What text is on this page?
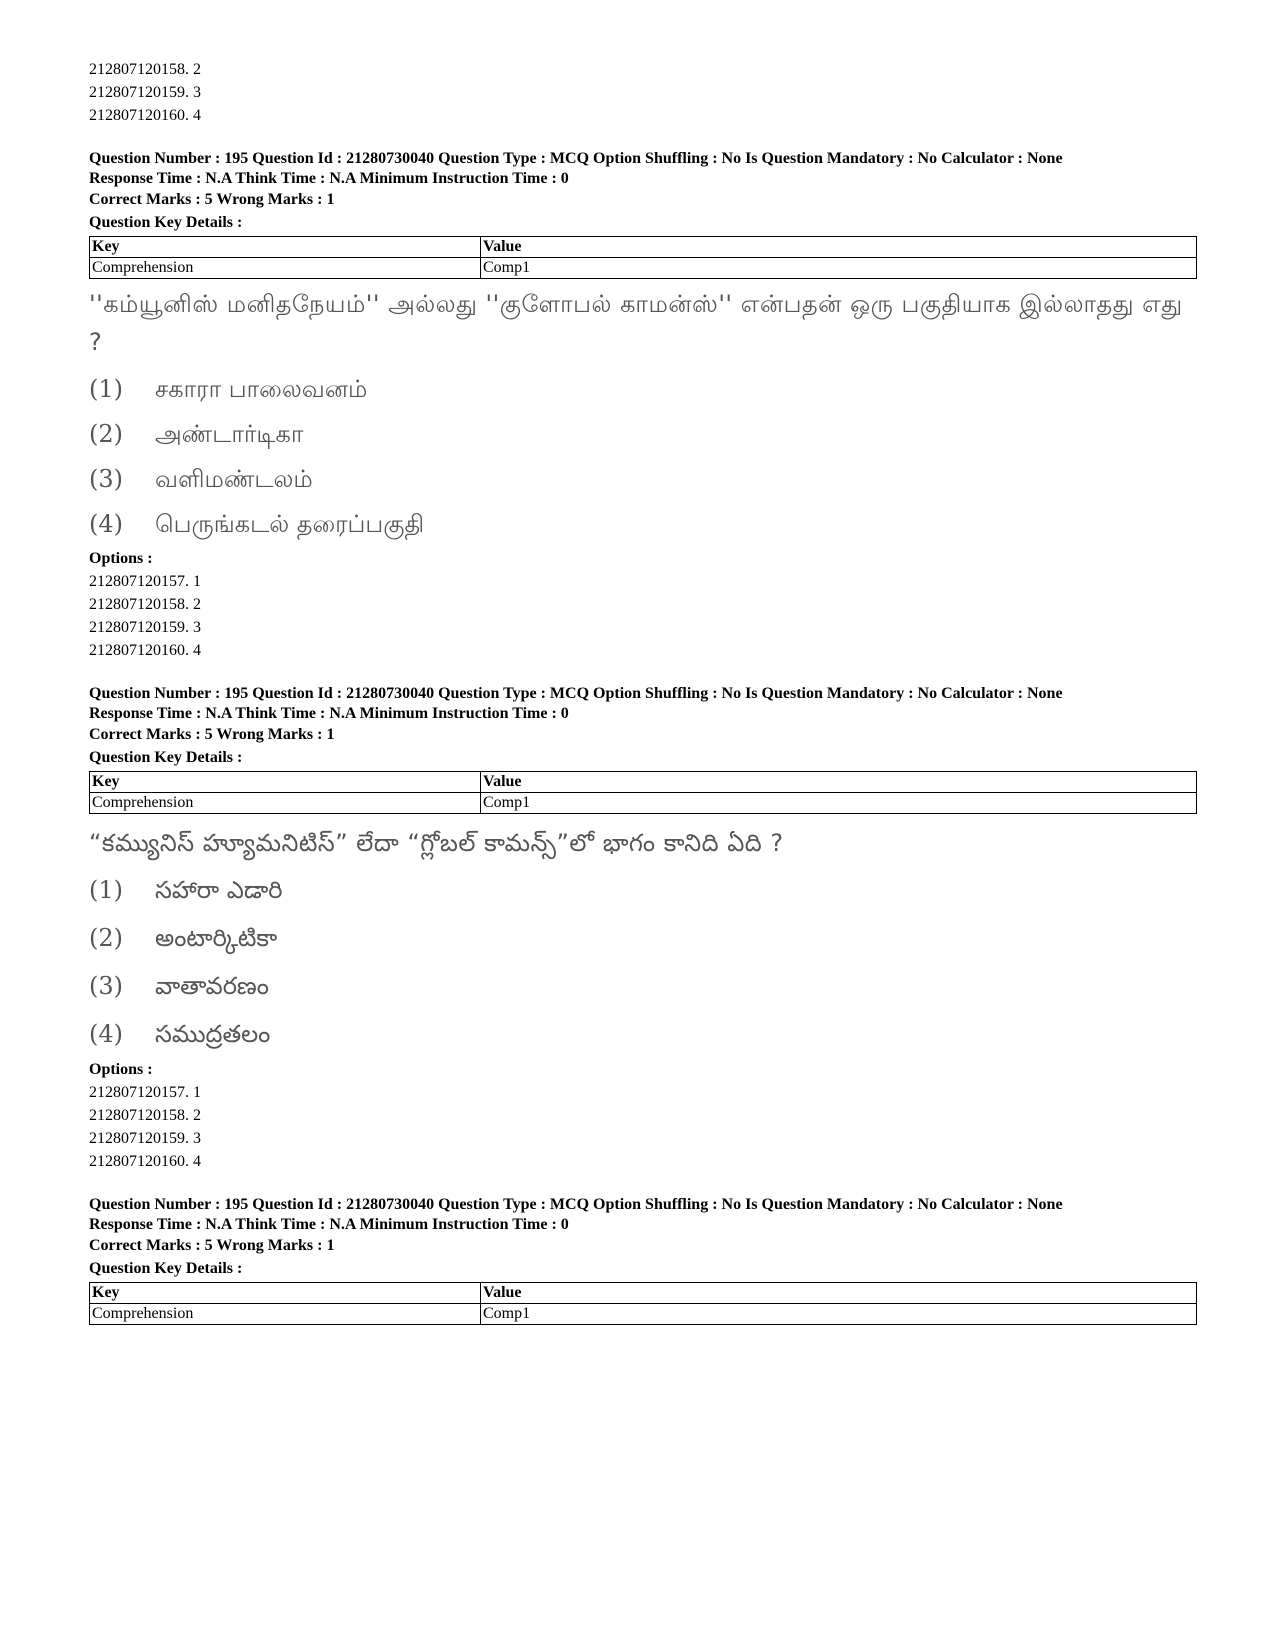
212807120158. 2
212807120159. 3
212807120160. 4
Question Number : 195 Question Id : 21280730040 Question Type : MCQ Option Shuffling : No Is Question Mandatory : No Calculator : None
Response Time : N.A Think Time : N.A Minimum Instruction Time : 0
Correct Marks : 5 Wrong Marks : 1
Question Key Details :
Key	Value
Comprehension	Comp1
''கம்யூனிஸ் மனிதநேயம்'' அல்லது ''குளோபல் காமன்ஸ்'' என்பதன் ஒரு பகுதியாக இல்லாதது எது ?
(1) சகாரா பாலைவனம்
(2) அண்டார்டிகா
(3) வளிமண்டலம்
(4) பெருங்கடல் தரைப்பகுதி
Options :
212807120157. 1
212807120158. 2
212807120159. 3
212807120160. 4
Question Number : 195 Question Id : 21280730040 Question Type : MCQ Option Shuffling : No Is Question Mandatory : No Calculator : None
Response Time : N.A Think Time : N.A Minimum Instruction Time : 0
Correct Marks : 5 Wrong Marks : 1
Question Key Details :
Key	Value
Comprehension	Comp1
“కమ్యునిస్ హ్యూమనిటిస్” లేదా “గ్లోబల్ కామన్స్”లో భాగం కానిది ఏది ?
(1) సహారా ఎడారి
(2) అంటార్కిటికా
(3) వాతావరణం
(4) సముద్రతలం
Options :
212807120157. 1
212807120158. 2
212807120159. 3
212807120160. 4
Question Number : 195 Question Id : 21280730040 Question Type : MCQ Option Shuffling : No Is Question Mandatory : No Calculator : None
Response Time : N.A Think Time : N.A Minimum Instruction Time : 0
Correct Marks : 5 Wrong Marks : 1
Question Key Details :
Key	Value
Comprehension	Comp1
